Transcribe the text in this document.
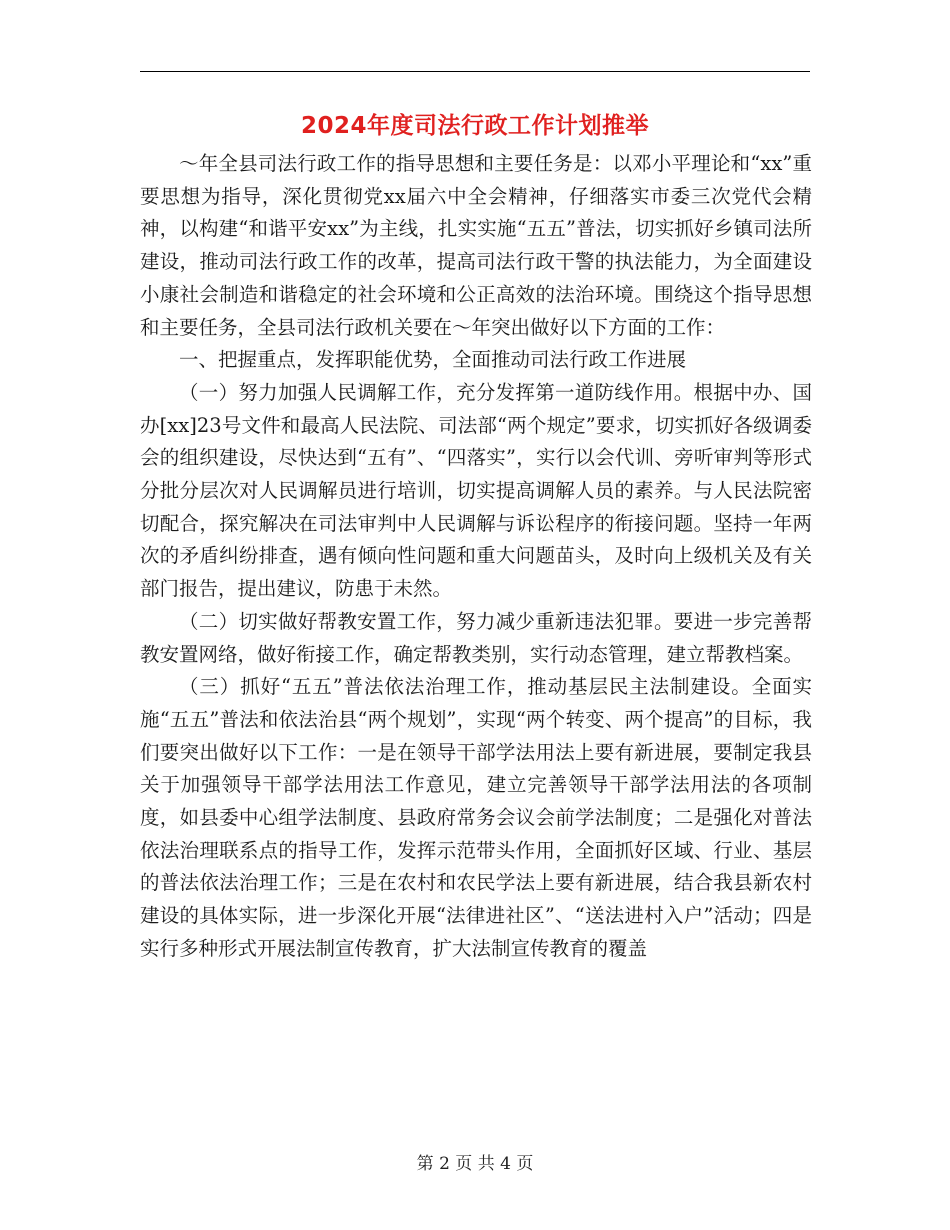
2024年度司法行政工作计划推举

～年全县司法行政工作的指导思想和主要任务是：以邓小平理论和“xx”重要思想为指导，深化贯彻党xx届六中全会精神，仔细落实市委三次党代会精神，以构建“和谐平安xx”为主线，扎实实施“五五”普法，切实抓好乡镇司法所建设，推动司法行政工作的改革，提高司法行政干警的执法能力，为全面建设小康社会制造和谐稳定的社会环境和公正高效的法治环境。围绕这个指导思想和主要任务，全县司法行政机关要在～年突出做好以下方面的工作：

一、把握重点，发挥职能优势，全面推动司法行政工作进展

（一）努力加强人民调解工作，充分发挥第一道防线作用。根据中办、国办[xx]23号文件和最高人民法院、司法部“两个规定”要求，切实抓好各级调委会的组织建设，尽快达到“五有”、“四落实”，实行以会代训、旁听审判等形式分批分层次对人民调解员进行培训，切实提高调解人员的素养。与人民法院密切配合，探究解决在司法审判中人民调解与诉讼程序的衔接问题。坚持一年两次的矛盾纠纷排查，遇有倾向性问题和重大问题苗头，及时向上级机关及有关部门报告，提出建议，防患于未然。

（二）切实做好帮教安置工作，努力减少重新违法犯罪。要进一步完善帮教安置网络，做好衔接工作，确定帮教类别，实行动态管理，建立帮教档案。

（三）抓好“五五”普法依法治理工作，推动基层民主法制建设。全面实施“五五”普法和依法治县“两个规划”，实现“两个转变、两个提高”的目标，我们要突出做好以下工作：一是在领导干部学法用法上要有新进展，要制定我县关于加强领导干部学法用法工作意见，建立完善领导干部学法用法的各项制度，如县委中心组学法制度、县政府常务会议会前学法制度；二是强化对普法依法治理联系点的指导工作，发挥示范带头作用，全面抓好区域、行业、基层的普法依法治理工作；三是在农村和农民学法上要有新进展，结合我县新农村建设的具体实际，进一步深化开展“法律进社区”、“送法进村入户”活动；四是实行多种形式开展法制宣传教育，扩大法制宣传教育的覆盖

第 2 页 共 4 页
